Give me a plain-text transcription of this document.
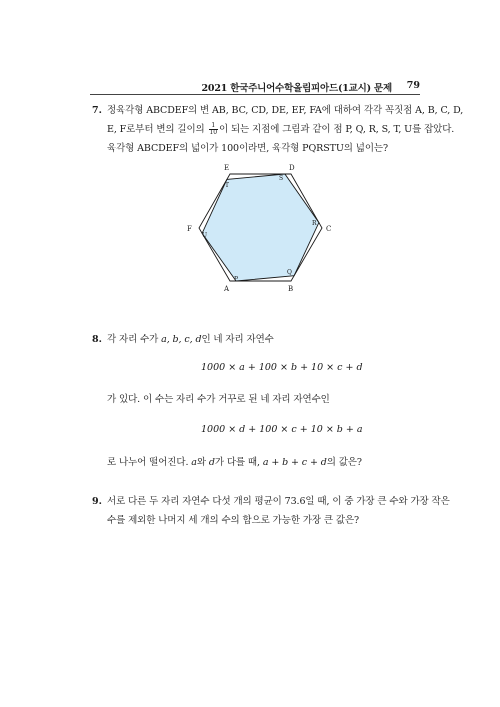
2021 한국주니어수학올림피아드(1교시) 문제 79
7. 정육각형 ABCDEF의 변 AB, BC, CD, DE, EF, FA에 대하여 각각 꼭짓점 A, B, C, D,
E, F로부터 변의 길이의 $\frac{1}{10}$ 이 되는 지점에 그림과 같이 점 P, Q, R, S, T, U를 잡았다.
육각형 ABCDEF의 넓이가 100이라면, 육각형 PQRSTU의 넓이는?
A	B
C
D
E
F
P
Q
R
S
T
U
8. 각 자리 수가 a, b, c, d인 네 자리 자연수
1000 × a + 100 × b + 10 × c + d
가 있다. 이 수는 자리 수가 거꾸로 된 네 자리 자연수인
1000 × d + 100 × c + 10 × b + a
로 나누어 떨어진다. a와 d가 다를 때, a + b + c + d의 값은?
9. 서로 다른 두 자리 자연수 다섯 개의 평균이 73.6일 때, 이 중 가장 큰 수와 가장 작은
수를 제외한 나머지 세 개의 수의 합으로 가능한 가장 큰 값은?
